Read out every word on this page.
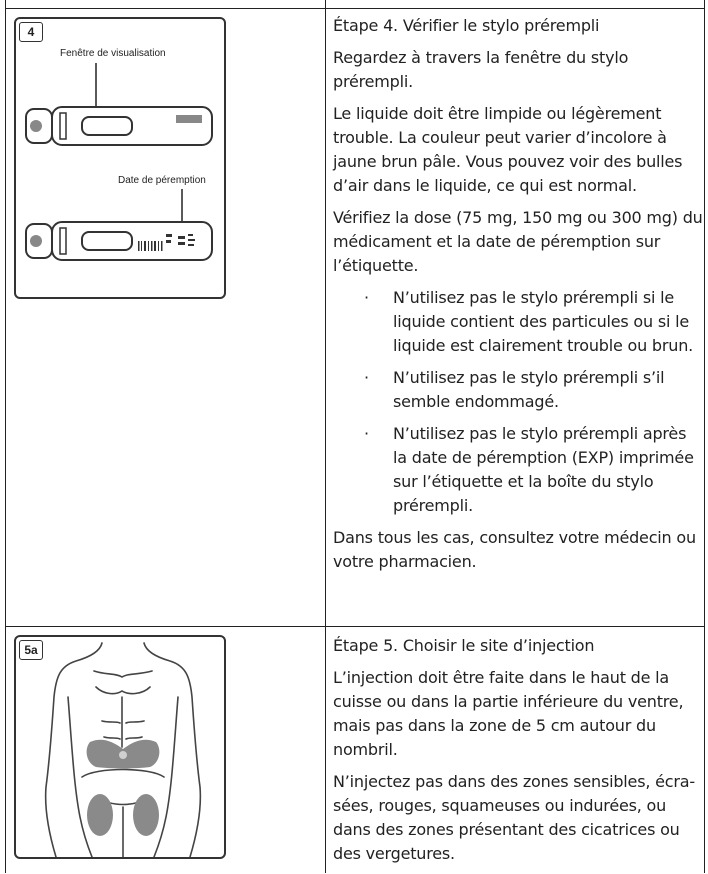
4
Fenêtre de visualisation
Date de péremption

Étape 4. Vérifier le stylo prérempli

Regardez à travers la fenêtre du stylo prérempli.

Le liquide doit être limpide ou légèrement trouble. La couleur peut varier d’incolore à jaune brun pâle. Vous pouvez voir des bulles d’air dans le liquide, ce qui est normal.

Vérifiez la dose (75 mg, 150 mg ou 300 mg) du médicament et la date de péremption sur l’étiquette.

· N’utilisez pas le stylo prérempli si le liquide contient des particules ou si le liquide est clairement trouble ou brun.
· N’utilisez pas le stylo prérempli s’il semble endommagé.
· N’utilisez pas le stylo prérempli après la date de péremption (EXP) imprimée sur l’étiquette et la boîte du stylo prérempli.

Dans tous les cas, consultez votre médecin ou votre pharmacien.

5a	Étape 5. Choisir le site d’injection

L’injection doit être faite dans le haut de la cuisse ou dans la partie inférieure du ventre, mais pas dans la zone de 5 cm autour du nombril.

N’injectez pas dans des zones sensibles, écra-sées, rouges, squameuses ou indurées, ou dans des zones présentant des cicatrices ou des vergetures.
